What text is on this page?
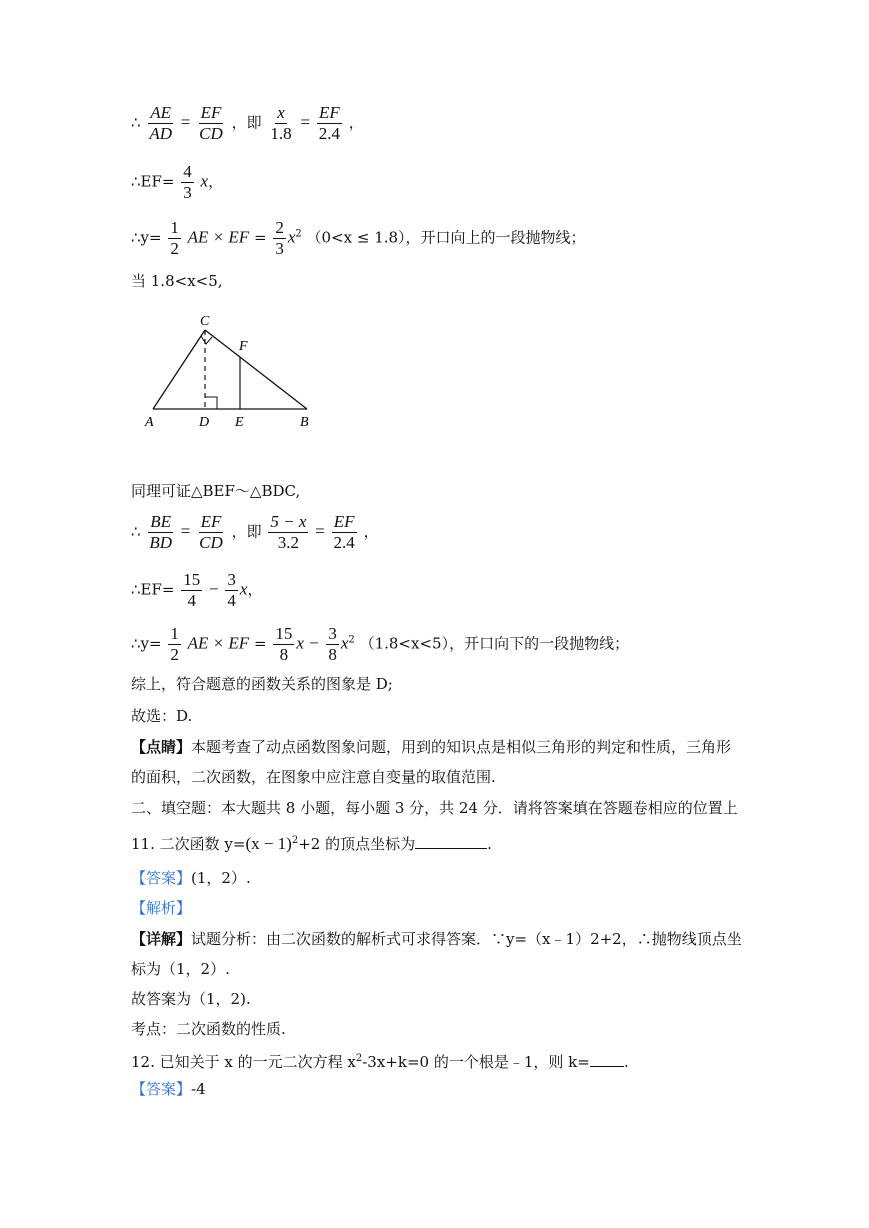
∴ $\frac{AE}{AD} = \frac{EF}{CD}$ ，即 $\frac{x}{1.8} = \frac{EF}{2.4}$ ，
∴EF= $\frac{4}{3}$ x，
∴y= $\frac{1}{2}$ AE × EF = $\frac{2}{3} x^2$ （0<x ≤ 1.8），开口向上的一段抛物线；
当 1.8<x<5,
C
F
A	D E	B
同理可证△BEF～△BDC,
∴ $\frac{BE}{BD} = \frac{EF}{CD}$ ，即 $\frac{5 - x}{3.2} = \frac{EF}{2.4}$ ，
∴EF= $\frac{15}{4} - \frac{3}{4}$ x，
∴y= $\frac{1}{2}$ AE × EF = $\frac{15}{8}$ $x - \frac{3}{8} x^2$ （1.8<x<5），开口向下的一段抛物线；
综上，符合题意的函数关系的图象是 D;
故选：D.
【点睛】本题考查了动点函数图象问题，用到的知识点是相似三角形的判定和性质，三角形
的面积，二次函数，在图象中应注意自变量的取值范围.
二、填空题：本大题共 8 小题，每小题 3 分，共 24 分．请将答案填在答题卷相应的位置上
11. 二次函数 $y=(x - 1)^2+2$ 的顶点坐标为	.
【答案】(1，2）.
【解析】
【详解】试题分析：由二次函数的解析式可求得答案．∵y=（x﹣1）2+2，∴抛物线顶点坐
标为（1，2）.
故答案为（1，2).
考点：二次函数的性质.
12. 已知关于 x 的一元二次方程 $x^2-3x+k=0$ 的一个根是﹣1，则 k= .
【答案】-4
